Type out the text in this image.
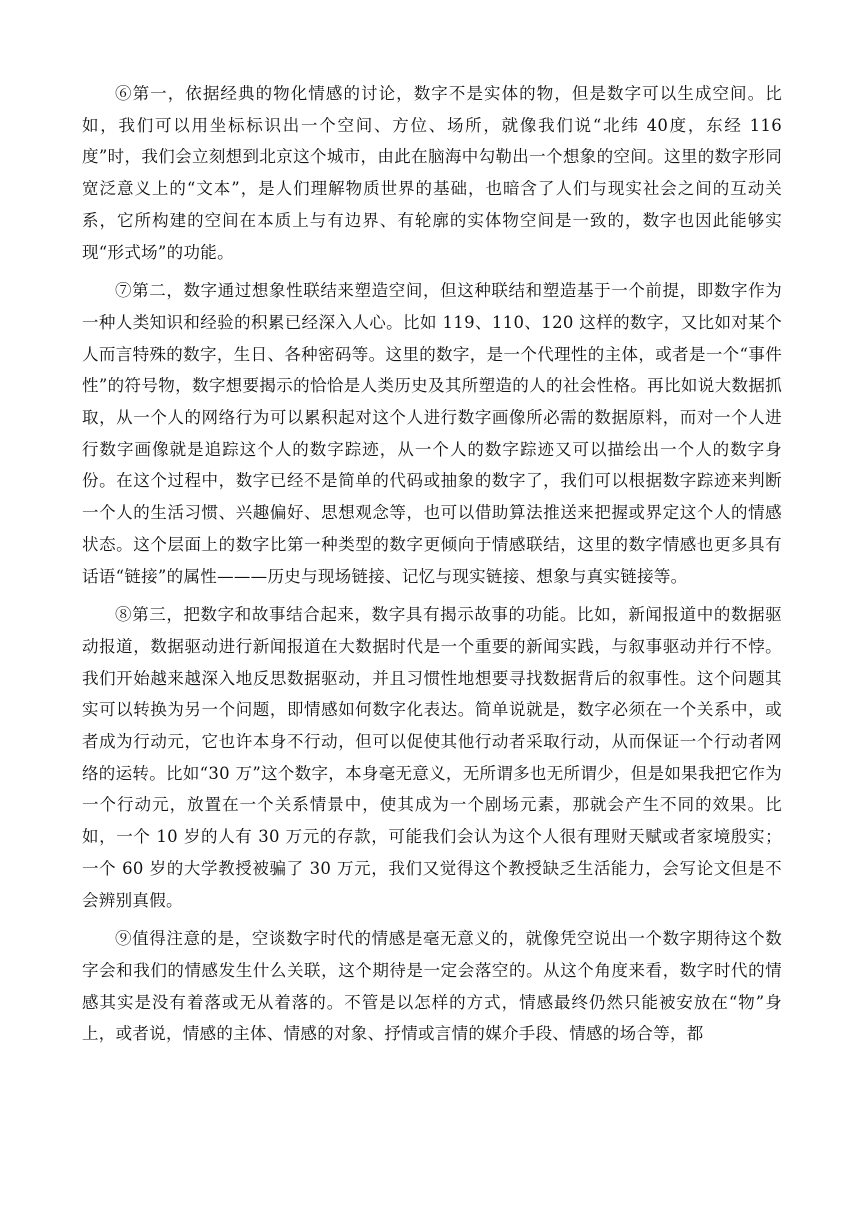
⑥第一，依据经典的物化情感的讨论，数字不是实体的物，但是数字可以生成空间。比如，我们可以用坐标标识出一个空间、方位、场所，就像我们说“北纬 40度，东经 116度”时，我们会立刻想到北京这个城市，由此在脑海中勾勒出一个想象的空间。这里的数字形同宽泛意义上的“文本”，是人们理解物质世界的基础，也暗含了人们与现实社会之间的互动关系，它所构建的空间在本质上与有边界、有轮廓的实体物空间是一致的，数字也因此能够实现“形式场”的功能。

⑦第二，数字通过想象性联结来塑造空间，但这种联结和塑造基于一个前提，即数字作为一种人类知识和经验的积累已经深入人心。比如 119、110、120 这样的数字，又比如对某个人而言特殊的数字，生日、各种密码等。这里的数字，是一个代理性的主体，或者是一个“事件性”的符号物，数字想要揭示的恰恰是人类历史及其所塑造的人的社会性格。再比如说大数据抓取，从一个人的网络行为可以累积起对这个人进行数字画像所必需的数据原料，而对一个人进行数字画像就是追踪这个人的数字踪迹，从一个人的数字踪迹又可以描绘出一个人的数字身份。在这个过程中，数字已经不是简单的代码或抽象的数字了，我们可以根据数字踪迹来判断一个人的生活习惯、兴趣偏好、思想观念等，也可以借助算法推送来把握或界定这个人的情感状态。这个层面上的数字比第一种类型的数字更倾向于情感联结，这里的数字情感也更多具有话语“链接”的属性———历史与现场链接、记忆与现实链接、想象与真实链接等。

⑧第三，把数字和故事结合起来，数字具有揭示故事的功能。比如，新闻报道中的数据驱动报道，数据驱动进行新闻报道在大数据时代是一个重要的新闻实践，与叙事驱动并行不悖。我们开始越来越深入地反思数据驱动，并且习惯性地想要寻找数据背后的叙事性。这个问题其实可以转换为另一个问题，即情感如何数字化表达。简单说就是，数字必须在一个关系中，或者成为行动元，它也许本身不行动，但可以促使其他行动者采取行动，从而保证一个行动者网络的运转。比如“30 万”这个数字，本身毫无意义，无所谓多也无所谓少，但是如果我把它作为一个行动元，放置在一个关系情景中，使其成为一个剧场元素，那就会产生不同的效果。比如，一个 10 岁的人有 30 万元的存款，可能我们会认为这个人很有理财天赋或者家境殷实；一个 60 岁的大学教授被骗了 30 万元，我们又觉得这个教授缺乏生活能力，会写论文但是不会辨别真假。

⑨值得注意的是，空谈数字时代的情感是毫无意义的，就像凭空说出一个数字期待这个数字会和我们的情感发生什么关联，这个期待是一定会落空的。从这个角度来看，数字时代的情感其实是没有着落或无从着落的。不管是以怎样的方式，情感最终仍然只能被安放在“物”身上，或者说，情感的主体、情感的对象、抒情或言情的媒介手段、情感的场合等，都
